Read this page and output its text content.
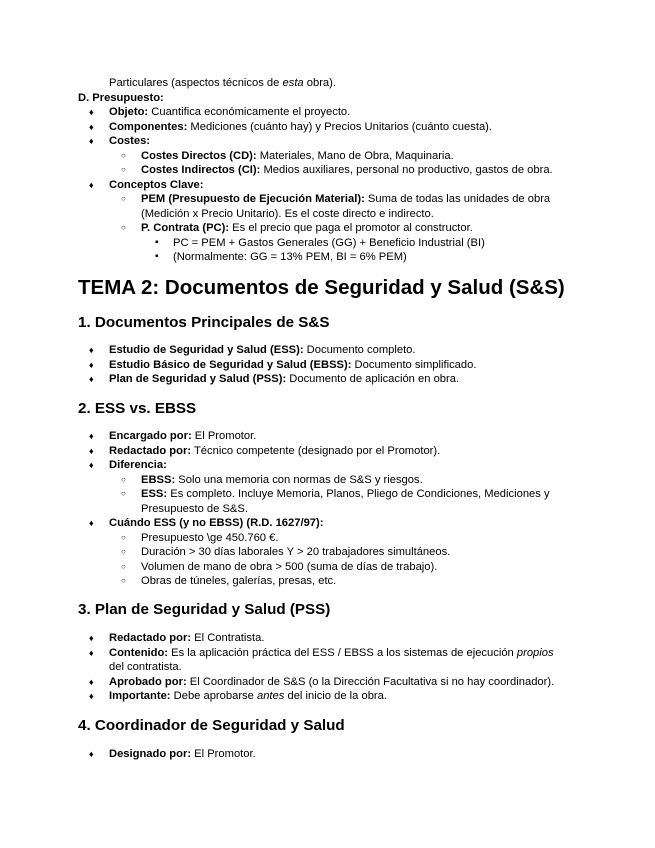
Particulares (aspectos técnicos de esta obra).
D. Presupuesto:
♦ Objeto: Cuantifica económicamente el proyecto.
♦ Componentes: Mediciones (cuánto hay) y Precios Unitarios (cuánto cuesta).
♦ Costes:
○ Costes Directos (CD): Materiales, Mano de Obra, Maquinaria.
○ Costes Indirectos (CI): Medios auxiliares, personal no productivo, gastos de obra.
♦ Conceptos Clave:
○ PEM (Presupuesto de Ejecución Material): Suma de todas las unidades de obra
(Medición x Precio Unitario). Es el coste directo e indirecto.
○ P. Contrata (PC): Es el precio que paga el promotor al constructor.
▪ PC = PEM + Gastos Generales (GG) + Beneficio Industrial (BI)
▪ (Normalmente: GG = 13% PEM, BI = 6% PEM)
TEMA 2: Documentos de Seguridad y Salud (S&S)
1. Documentos Principales de S&S
♦ Estudio de Seguridad y Salud (ESS): Documento completo.
♦ Estudio Básico de Seguridad y Salud (EBSS): Documento simplificado.
♦ Plan de Seguridad y Salud (PSS): Documento de aplicación en obra.
2. ESS vs. EBSS
♦ Encargado por: El Promotor.
♦ Redactado por: Técnico competente (designado por el Promotor).
♦ Diferencia:
○ EBSS: Solo una memoria con normas de S&S y riesgos.
○ ESS: Es completo. Incluye Memoria, Planos, Pliego de Condiciones, Mediciones y
Presupuesto de S&S.
♦ Cuándo ESS (y no EBSS) (R.D. 1627/97):
○ Presupuesto \ge 450.760 €.
○ Duración > 30 días laborales Y > 20 trabajadores simultáneos.
○ Volumen de mano de obra > 500 (suma de días de trabajo).
○ Obras de túneles, galerías, presas, etc.
3. Plan de Seguridad y Salud (PSS)
♦ Redactado por: El Contratista.
♦ Contenido: Es la aplicación práctica del ESS / EBSS a los sistemas de ejecución propios
del contratista.
♦ Aprobado por: El Coordinador de S&S (o la Dirección Facultativa si no hay coordinador).
♦ Importante: Debe aprobarse antes del inicio de la obra.
4. Coordinador de Seguridad y Salud
♦ Designado por: El Promotor.
